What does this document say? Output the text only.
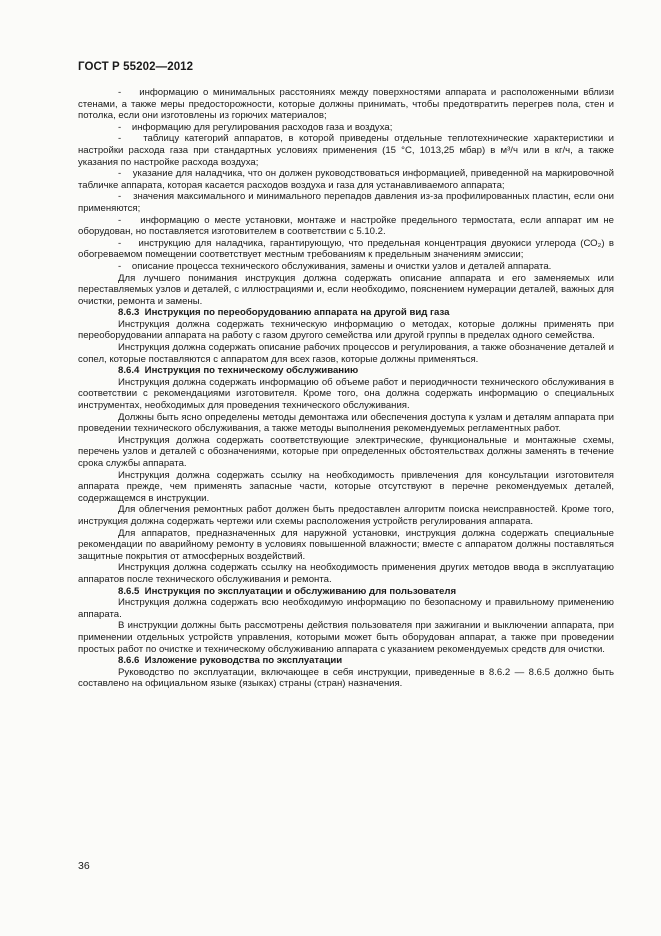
ГОСТ Р 55202—2012

-    информацию о минимальных расстояниях между поверхностями аппарата и расположенными вблизи стенами, а также меры предосторожности, которые должны принимать, чтобы предотвратить перегрев пола, стен и потолка, если они изготовлены из горючих материалов;

-    информацию для регулирования расходов газа и воздуха;

-    таблицу категорий аппаратов, в которой приведены отдельные теплотехнические характеристики и настройки расхода газа при стандартных условиях применения (15 °С, 1013,25 мбар) в м³/ч или в кг/ч, а также указания по настройке расхода воздуха;

-    указание для наладчика, что он должен руководствоваться информацией, приведенной на маркировочной табличке аппарата, которая касается расходов воздуха и газа для устанавливаемого аппарата;

-    значения максимального и минимального перепадов давления из-за профилированных пластин, если они применяются;

-    информацию о месте установки, монтаже и настройке предельного термостата, если аппарат им не оборудован, но поставляется изготовителем в соответствии с 5.10.2.

-    инструкцию для наладчика, гарантирующую, что предельная концентрация двуокиси углерода (СО₂) в обогреваемом помещении соответствует местным требованиям к предельным значениям эмиссии;

-    описание процесса технического обслуживания, замены и очистки узлов и деталей аппарата.

Для лучшего понимания инструкция должна содержать описание аппарата и его заменяемых или переставляемых узлов и деталей, с иллюстрациями и, если необходимо, пояснением нумерации деталей, важных для очистки, ремонта и замены.

8.6.3  Инструкция по переоборудованию аппарата на другой вид газа

Инструкция должна содержать техническую информацию о методах, которые должны применять при переоборудовании аппарата на работу с газом другого семейства или другой группы в пределах одного семейства.

Инструкция должна содержать описание рабочих процессов и регулирования, а также обозначение деталей и сопел, которые поставляются с аппаратом для всех газов, которые должны применяться.

8.6.4  Инструкция по техническому обслуживанию

Инструкция должна содержать информацию об объеме работ и периодичности технического обслуживания в соответствии с рекомендациями изготовителя. Кроме того, она должна содержать информацию о специальных инструментах, необходимых для проведения технического обслуживания.

Должны быть ясно определены методы демонтажа или обеспечения доступа к узлам и деталям аппарата при проведении технического обслуживания, а также методы выполнения рекомендуемых регламентных работ.

Инструкция должна содержать соответствующие электрические, функциональные и монтажные схемы, перечень узлов и деталей с обозначениями, которые при определенных обстоятельствах должны заменять в течение срока службы аппарата.

Инструкция должна содержать ссылку на необходимость привлечения для консультации изготовителя аппарата прежде, чем применять запасные части, которые отсутствуют в перечне рекомендуемых деталей, содержащемся в инструкции.

Для облегчения ремонтных работ должен быть предоставлен алгоритм поиска неисправностей. Кроме того, инструкция должна содержать чертежи или схемы расположения устройств регулирования аппарата.

Для аппаратов, предназначенных для наружной установки, инструкция должна содержать специальные рекомендации по аварийному ремонту в условиях повышенной влажности; вместе с аппаратом должны поставляться защитные покрытия от атмосферных воздействий.

Инструкция должна содержать ссылку на необходимость применения других методов ввода в эксплуатацию аппаратов после технического обслуживания и ремонта.

8.6.5  Инструкция по эксплуатации и обслуживанию для пользователя

Инструкция должна содержать всю необходимую информацию по безопасному и правильному применению аппарата.

В инструкции должны быть рассмотрены действия пользователя при зажигании и выключении аппарата, при применении отдельных устройств управления, которыми может быть оборудован аппарат, а также при проведении простых работ по очистке и техническому обслуживанию аппарата с указанием рекомендуемых средств для очистки.

8.6.6  Изложение руководства по эксплуатации

Руководство по эксплуатации, включающее в себя инструкции, приведенные в 8.6.2 — 8.6.5 должно быть составлено на официальном языке (языках) страны (стран) назначения.

36
